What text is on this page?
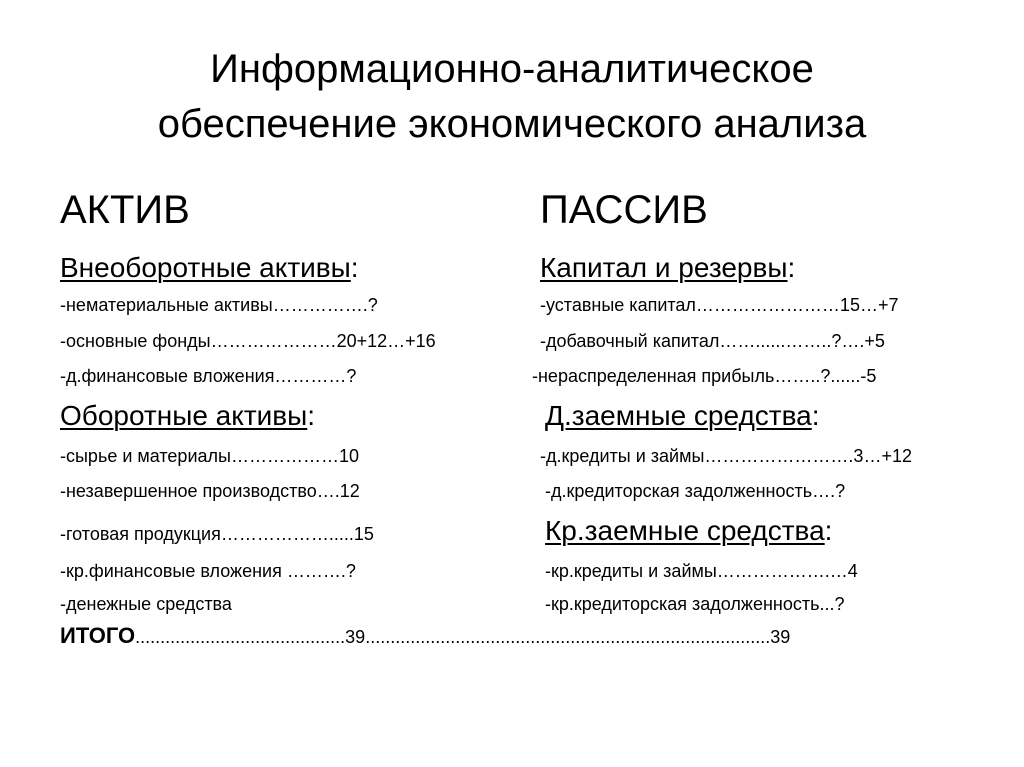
Информационно-аналитическое
обеспечение экономического анализа
АКТИВ
Внеоборотные активы:
-нематериальные активы…………….?
-основные фонды…………………20+12…+16
-д.финансовые вложения…………?
Оборотные активы:
-сырье и материалы………………10
-незавершенное производство….12
-готовая продукция……………….....15
-кр.финансовые вложения ……….?
-денежные средства
ПАССИВ
Капитал и резервы:
-уставные капитал……………………15…+7
-добавочный капитал……......……..?….+5
-нераспределенная прибыль……..?......-5
Д.заемные средства:
-д.кредиты и займы…………………….3…+12
-д.кредиторская задолженность….?
Кр.заемные средства:
-кр.кредиты и займы……………….…4
-кр.кредиторская задолженность...?
ИТОГО..........................................39.................................................................................39
